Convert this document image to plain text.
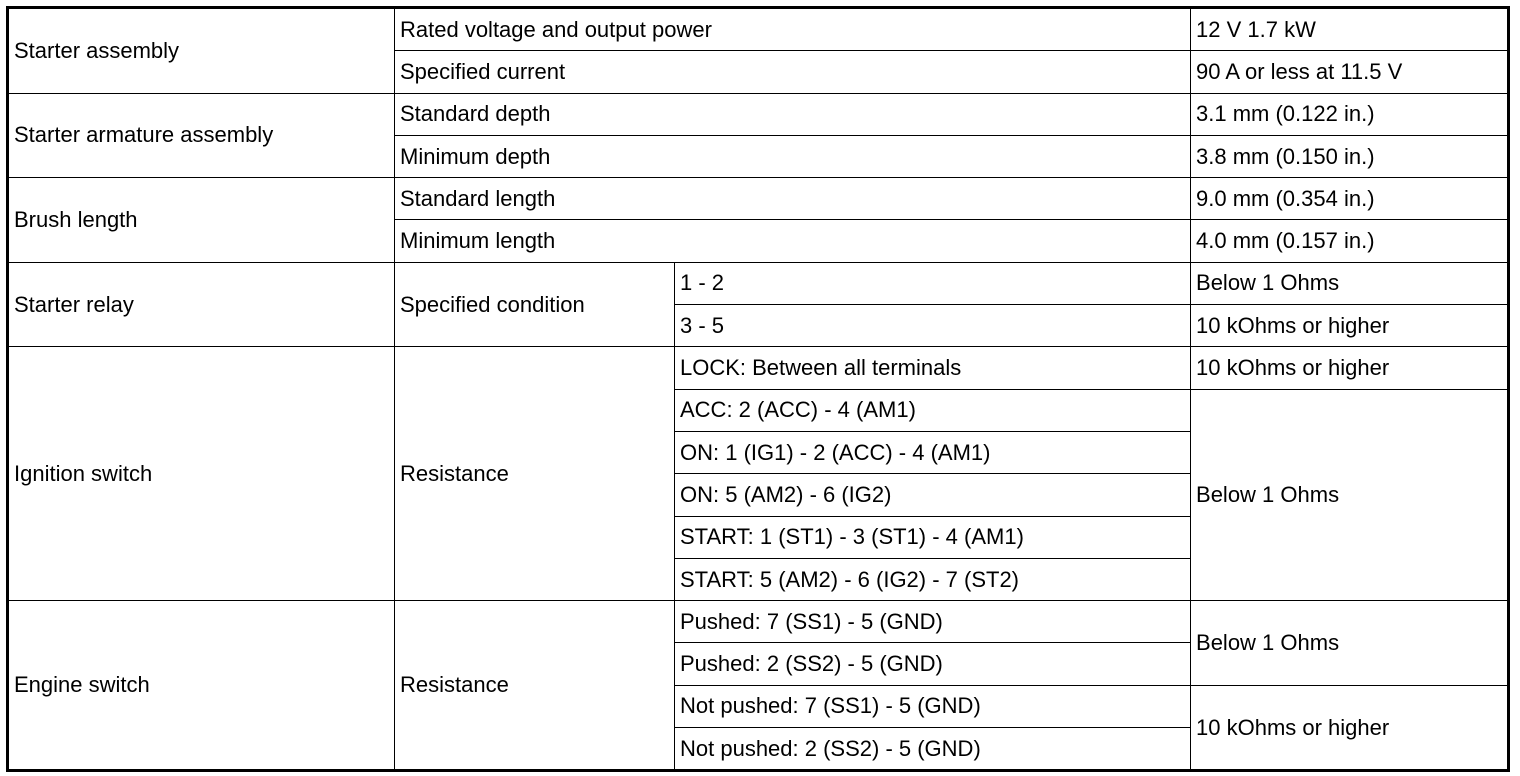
Starter assembly	Rated voltage and output power		12 V 1.7 kW
	Specified current		90 A or less at 11.5 V
Starter armature assembly	Standard depth		3.1 mm (0.122 in.)
	Minimum depth		3.8 mm (0.150 in.)
Brush length	Standard length		9.0 mm (0.354 in.)
	Minimum length		4.0 mm (0.157 in.)
Starter relay	Specified condition	1 - 2	Below 1 Ohms
		3 - 5	10 kOhms or higher
Ignition switch	Resistance	LOCK: Between all terminals	10 kOhms or higher
		ACC: 2 (ACC) - 4 (AM1)	Below 1 Ohms
		ON: 1 (IG1) - 2 (ACC) - 4 (AM1)	
		ON: 5 (AM2) - 6 (IG2)	
		START: 1 (ST1) - 3 (ST1) - 4 (AM1)	
		START: 5 (AM2) - 6 (IG2) - 7 (ST2)	
Engine switch	Resistance	Pushed: 7 (SS1) - 5 (GND)	Below 1 Ohms
		Pushed: 2 (SS2) - 5 (GND)	
		Not pushed: 7 (SS1) - 5 (GND)	10 kOhms or higher
		Not pushed: 2 (SS2) - 5 (GND)	
